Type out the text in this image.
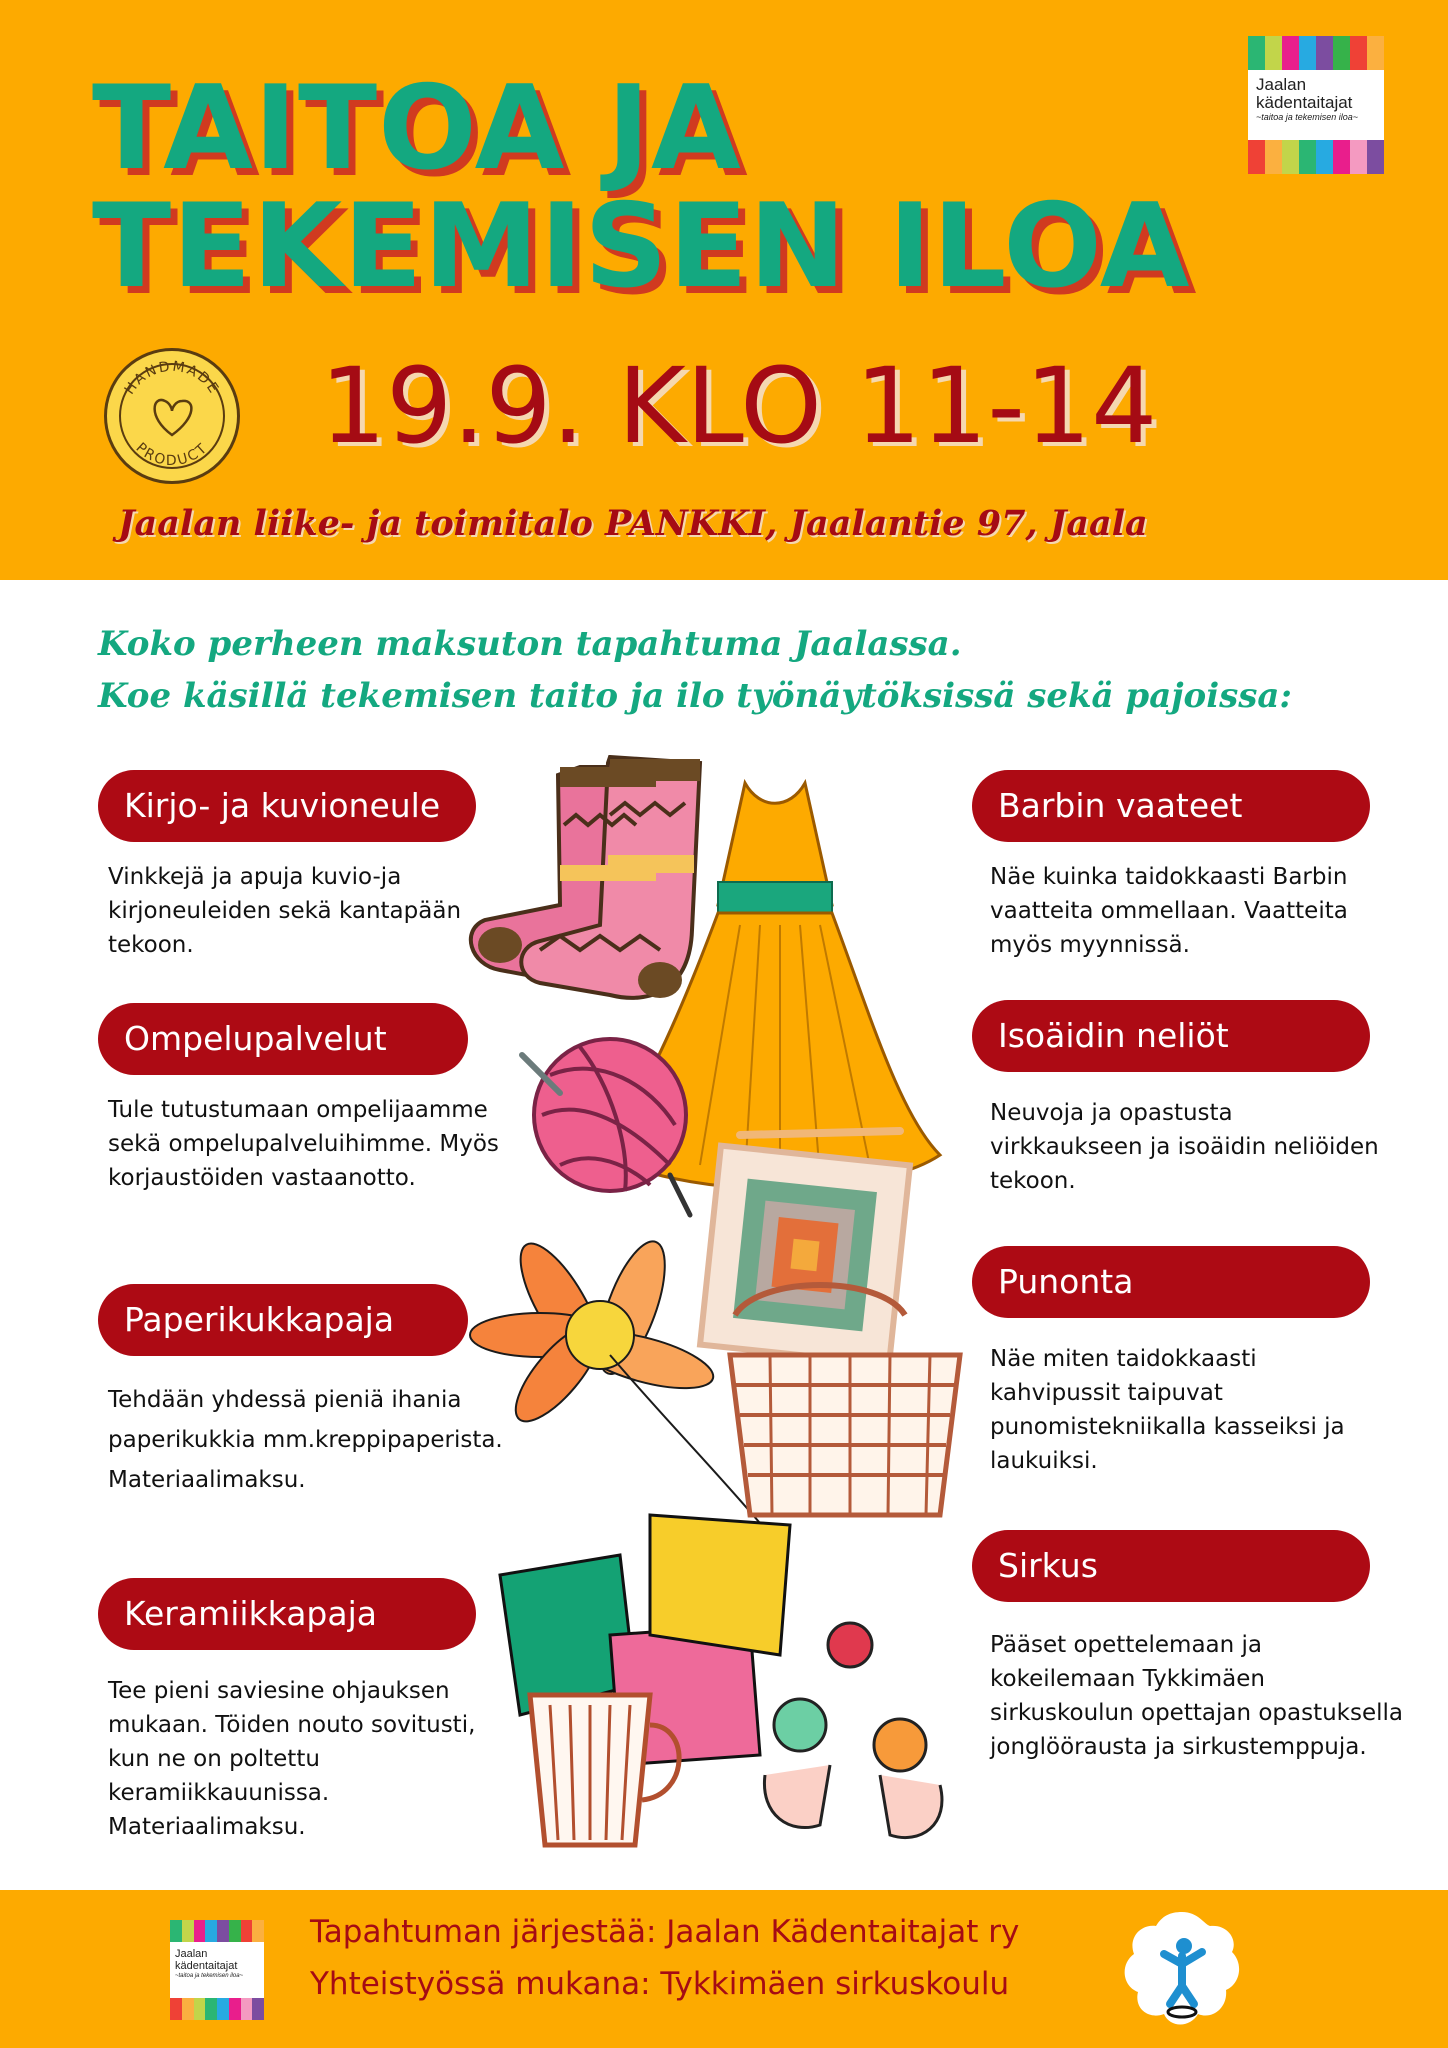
TAITOA JA
TEKEMISEN ILOA
Jaalan
kädentaitajat
~taitoa ja tekemisen iloa~
HANDMADE
PRODUCT 19.9. KLO 11-14
Jaalan liike- ja toimitalo PANKKI, Jaalantie 97, Jaala
Koko perheen maksuton tapahtuma Jaalassa.
Koe käsillä tekemisen taito ja ilo työnäytöksissä sekä pajoissa:
Kirjo- ja kuvioneule

Vinkkejä ja apuja kuvio-ja kirjoneuleiden sekä kantapään tekoon.

Ompelupalvelut

Tule tutustumaan ompelijaamme sekä ompelupalveluihimme. Myös korjaustöiden vastaanotto.

Paperikukkapaja

Tehdään yhdessä pieniä ihania paperikukkia mm.kreppipaperista. Materiaalimaksu.

Keramiikkapaja

Tee pieni saviesine ohjauksen mukaan. Töiden nouto sovitusti, kun ne on poltettu keramiikkauunissa. Materiaalimaksu.

Barbin vaateet

Näe kuinka taidokkaasti Barbin vaatteita ommellaan. Vaatteita myös myynnissä.

Isoäidin neliöt

Neuvoja ja opastusta virkkaukseen ja isoäidin neliöiden tekoon.

Punonta

Näe miten taidokkaasti kahvipussit taipuvat punomistekniikalla kasseiksi ja laukuiksi.

Sirkus

Pääset opettelemaan ja kokeilemaan Tykkimäen sirkuskoulun opettajan opastuksella jonglöörausta ja sirkustemppuja.

Jaalan
kädentaitajat
~taitoa ja tekemisen iloa~
Tapahtuman järjestää: Jaalan Kädentaitajat ry
Yhteistyössä mukana: Tykkimäen sirkuskoulu
